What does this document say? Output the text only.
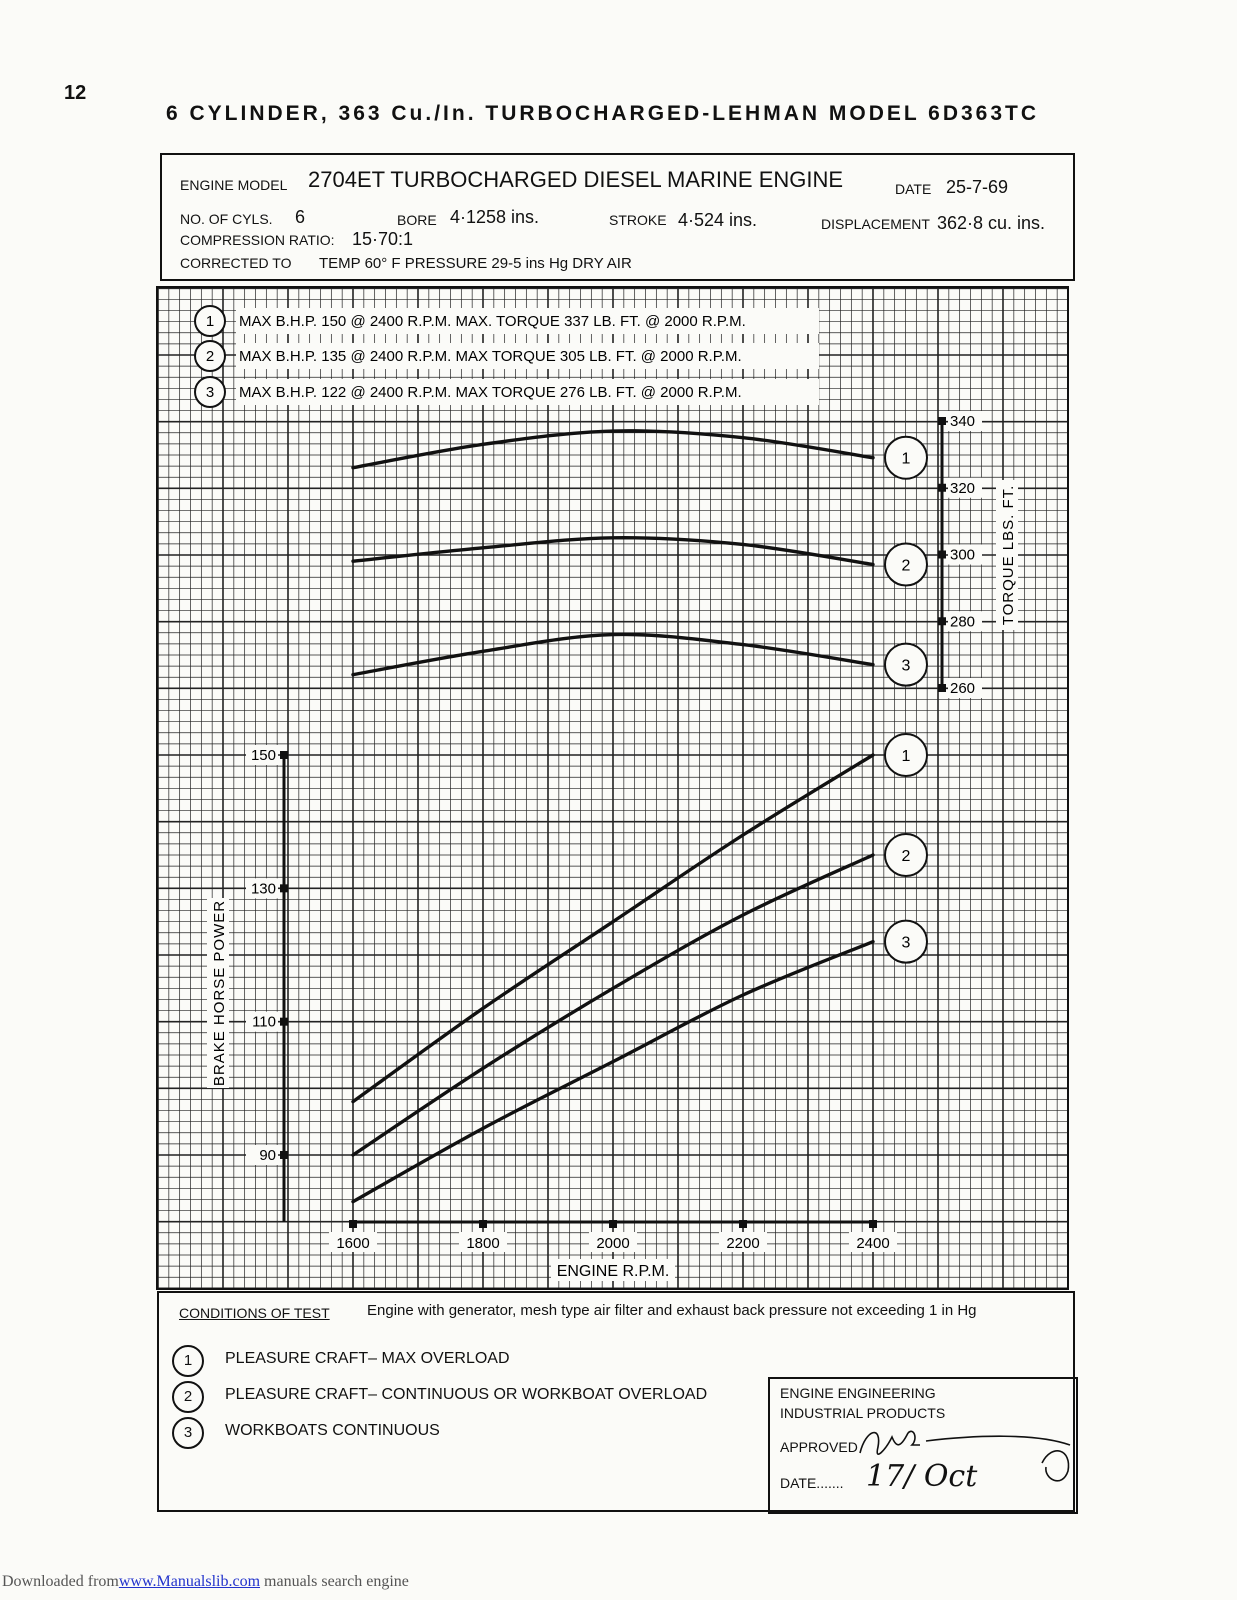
12
6 CYLINDER, 363 Cu./In. TURBOCHARGED-LEHMAN MODEL 6D363TC
ENGINE MODEL 2704ET TURBOCHARGED DIESEL MARINE ENGINE	DATE 25-7-69
NO. OF CYLS. 6	BORE 4·1258 ins.	STROKE 4·524 ins.	DISPLACEMENT 362·8 cu. ins.
COMPRESSION RATIO: 15·70:1
CORRECTED TO TEMP 60° F PRESSURE 29-5 ins Hg DRY AIR
1
2
3
1
2
3
90
110
130
150
BRAKE HORSE POWER
260
280
300
320
340
TORQUE LBS. FT.
1600	1800	2000	2200	2400
ENGINE R.P.M.
1 MAX B.H.P. 150 @ 2400 R.P.M. MAX. TORQUE 337 LB. FT. @ 2000 R.P.M.
2 MAX B.H.P. 135 @ 2400 R.P.M. MAX TORQUE 305 LB. FT. @ 2000 R.P.M.
3 MAX B.H.P. 122 @ 2400 R.P.M. MAX TORQUE 276 LB. FT. @ 2000 R.P.M.
CONDITIONS OF TEST Engine with generator, mesh type air filter and exhaust back pressure not exceeding 1 in Hg
1	PLEASURE CRAFT– MAX OVERLOAD
2	PLEASURE CRAFT– CONTINUOUS OR WORKBOAT OVERLOAD
3	WORKBOATS CONTINUOUS
ENGINE ENGINEERING
INDUSTRIAL PRODUCTS
APPROVED
DATE....... 17/ Oct
Downloaded fromwww.Manualslib.com manuals search engine
